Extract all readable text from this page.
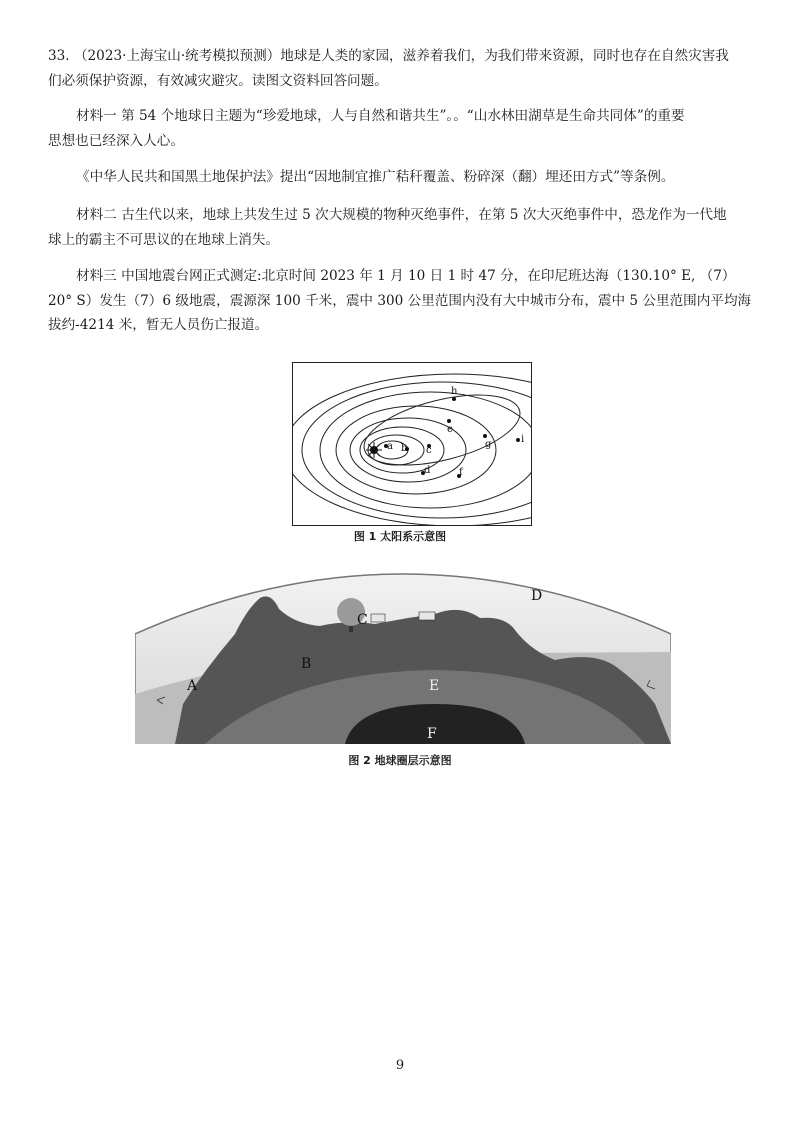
33. （2023·上海宝山·统考模拟预测）地球是人类的家园，滋养着我们，为我们带来资源，同时也存在自然灾害我

们必须保护资源，有效减灾避灾。读图文资料回答问题。

材料一 第 54 个地球日主题为“珍爱地球，人与自然和谐共生”。。“山水林田湖草是生命共同体”的重要

思想也已经深入人心。

《中华人民共和国黑土地保护法》提出“因地制宜推广秸秆覆盖、粉碎深（翻）埋还田方式”等条例。

材料二 古生代以来，地球上共发生过 5 次大规模的物种灭绝事件，在第 5 次大灭绝事件中，恐龙作为一代地

球上的霸主不可思议的在地球上消失。

材料三 中国地震台网正式测定:北京时间 2023 年 1 月 10 日 1 时 47 分，在印尼班达海（130.10° E, （7）

20° S）发生（7）6 级地震，震源深 100 千米，震中 300 公里范围内没有大中城市分布，震中 5 公里范围内平均海

拔约-4214 米，暂无人员伤亡报道。

a b c
d
e
f
g
h
i
图 1 太阳系示意图
A
B
C
D
E
F
图 2 地球圈层示意图
9
